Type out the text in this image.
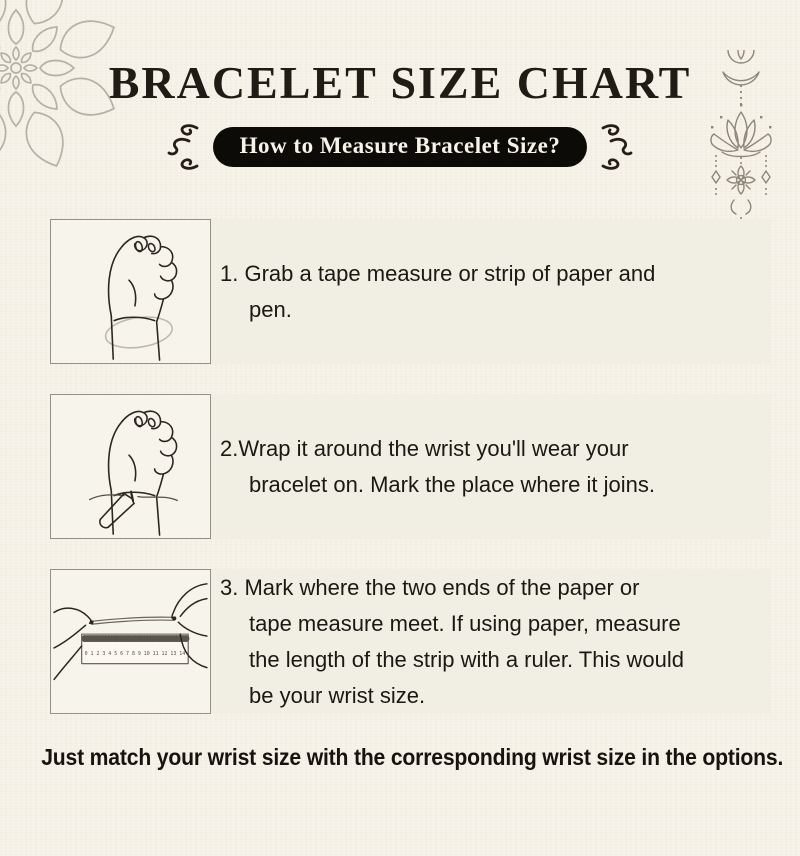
BRACELET SIZE CHART
How to Measure Bracelet Size?
1. Grab a tape measure or strip of paper and
pen.
2.Wrap it around the wrist you'll wear your
bracelet on. Mark the place where it joins.
0 1 2 3 4 5 6 7 8 9 10 11 12 13 14
3. Mark where the two ends of the paper or
tape measure meet. If using paper, measure
the length of the strip with a ruler. This would
be your wrist size.
Just match your wrist size with the corresponding wrist size in the options.
